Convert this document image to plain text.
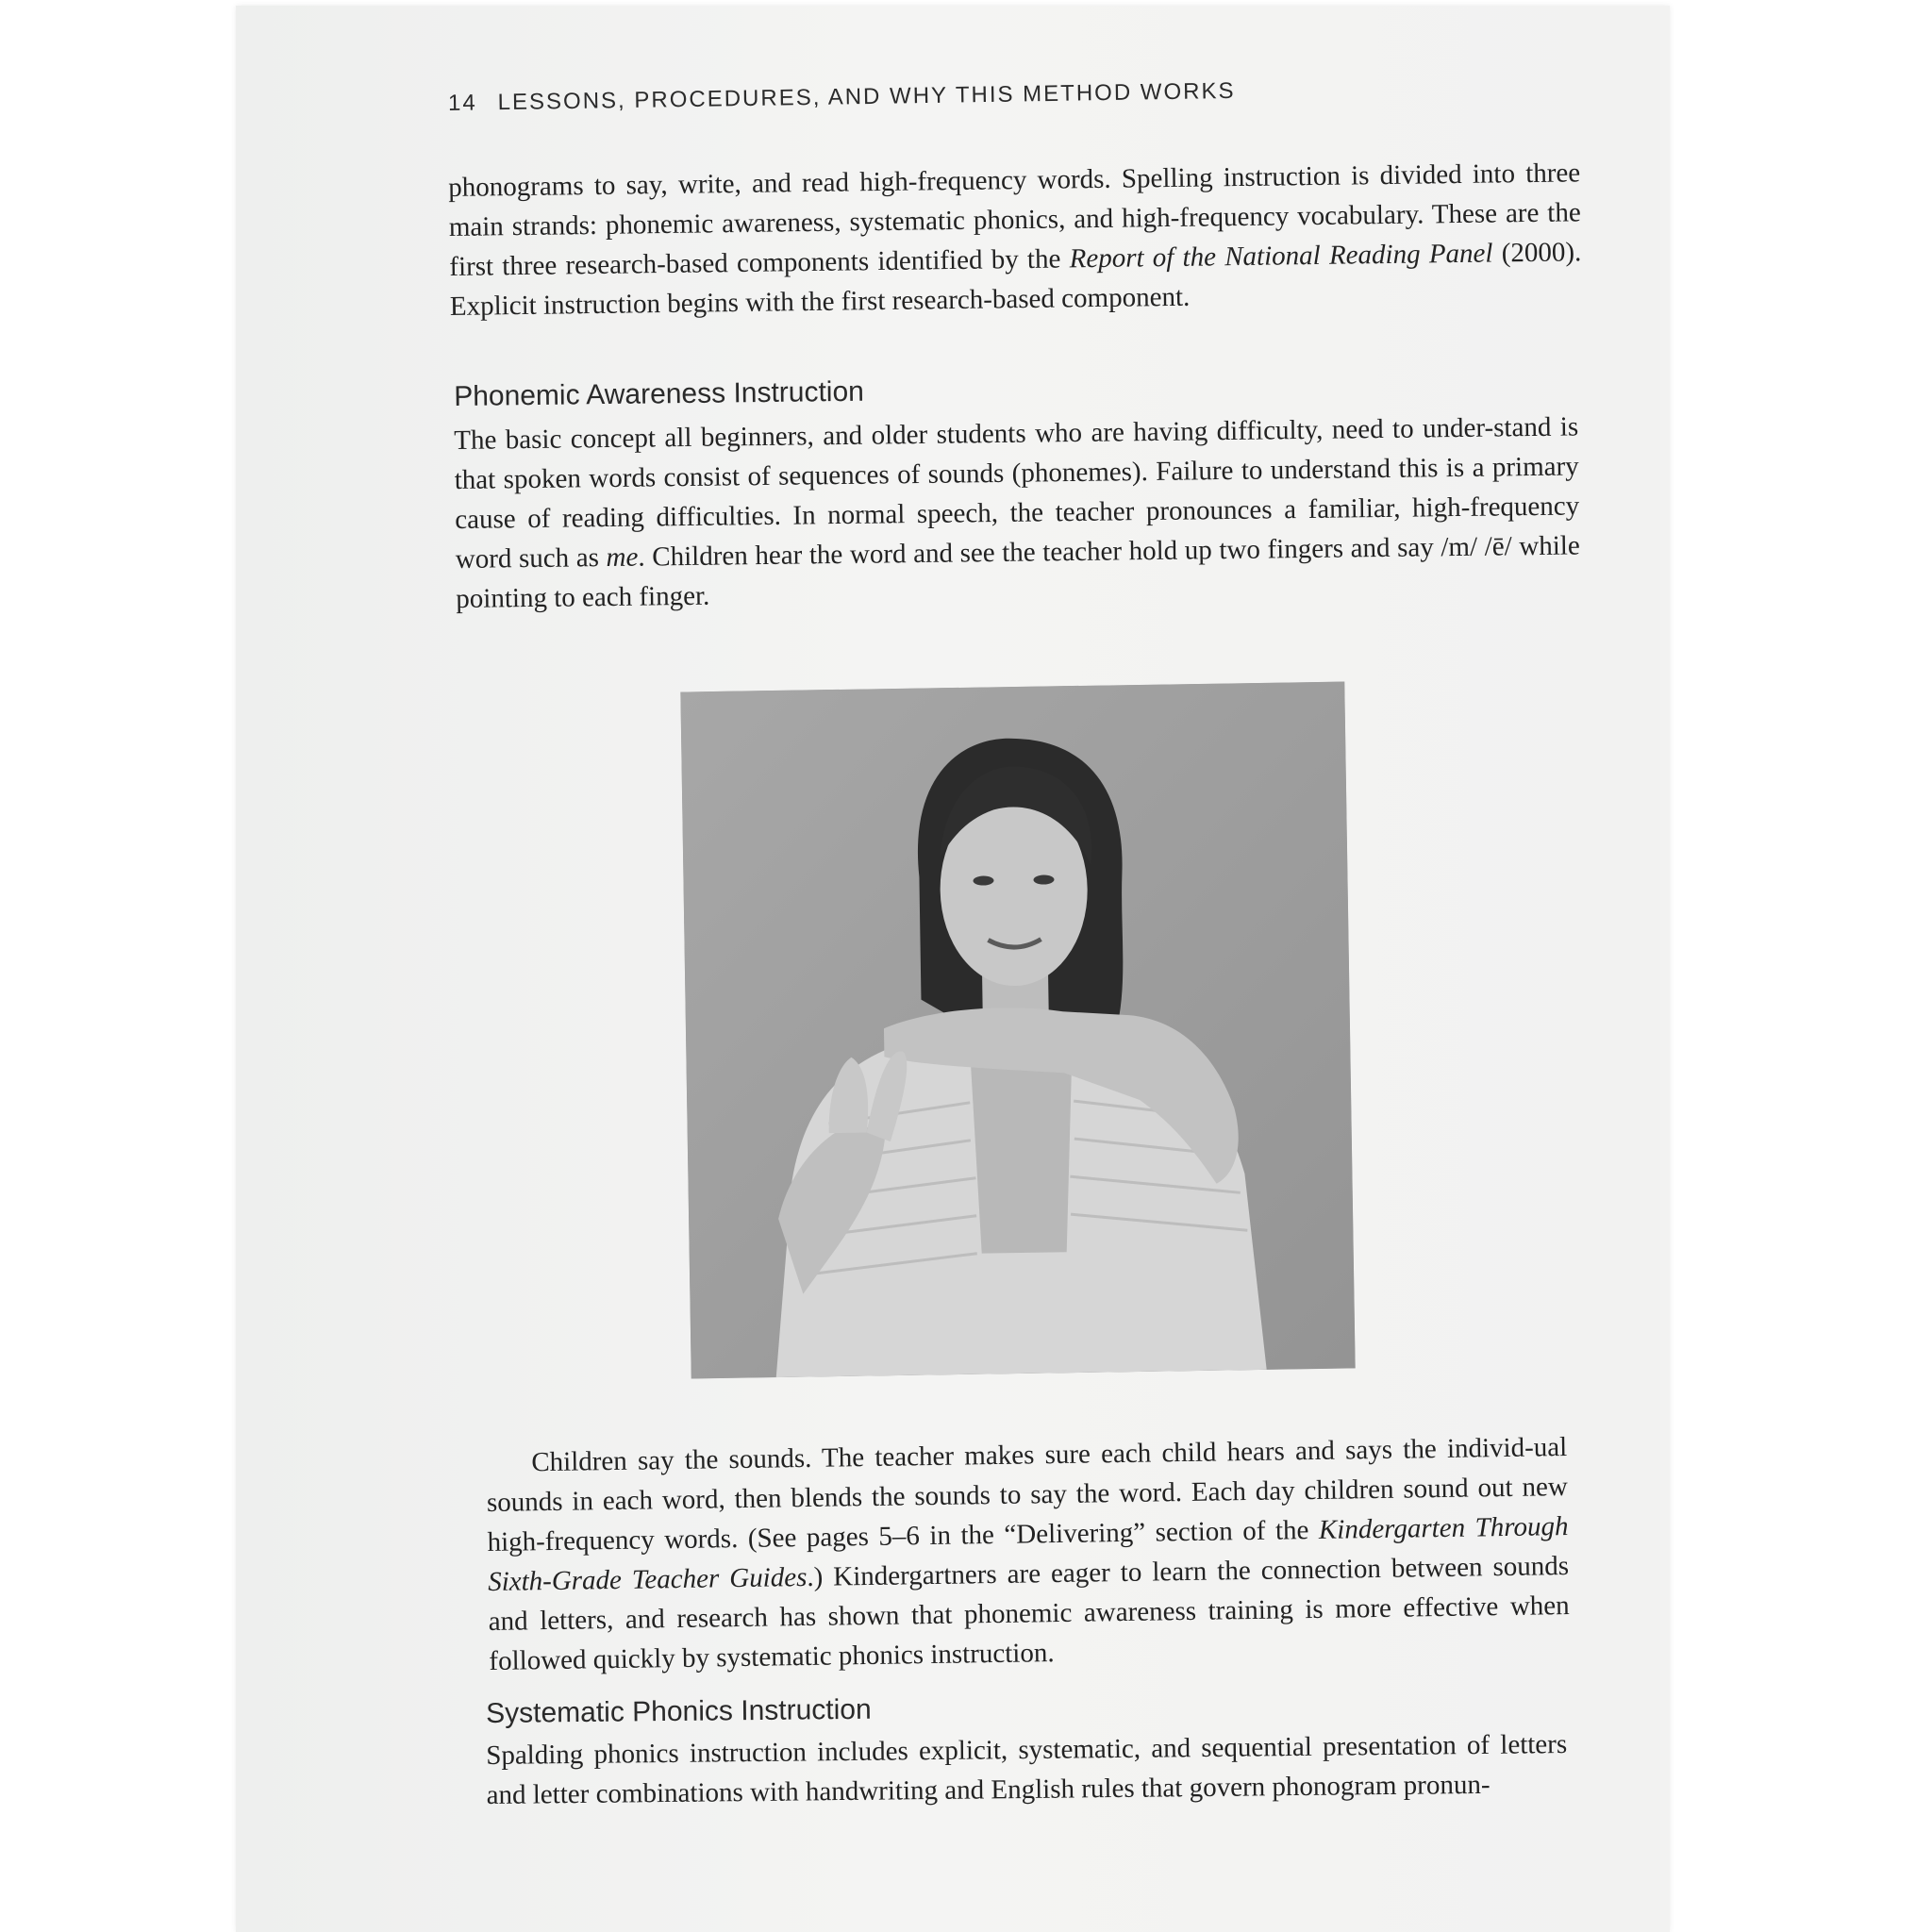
14 LESSONS, PROCEDURES, AND WHY THIS METHOD WORKS
phonograms to say, write, and read high-frequency words. Spelling instruction is divided into three main strands: phonemic awareness, systematic phonics, and high-frequency vocabulary. These are the first three research-based components identified by the Report of the National Reading Panel (2000). Explicit instruction begins with the first research-based component.
Phonemic Awareness Instruction
The basic concept all beginners, and older students who are having difficulty, need to under-stand is that spoken words consist of sequences of sounds (phonemes). Failure to understand this is a primary cause of reading difficulties. In normal speech, the teacher pronounces a familiar, high-frequency word such as me. Children hear the word and see the teacher hold up two fingers and say /m/ /ē/ while pointing to each finger.
Children say the sounds. The teacher makes sure each child hears and says the individ-ual sounds in each word, then blends the sounds to say the word. Each day children sound out new high-frequency words. (See pages 5–6 in the “Delivering” section of the Kindergarten Through Sixth-Grade Teacher Guides.) Kindergartners are eager to learn the connection between sounds and letters, and research has shown that phonemic awareness training is more effective when followed quickly by systematic phonics instruction.
Systematic Phonics Instruction
Spalding phonics instruction includes explicit, systematic, and sequential presentation of letters and letter combinations with handwriting and English rules that govern phonogram pronun-
